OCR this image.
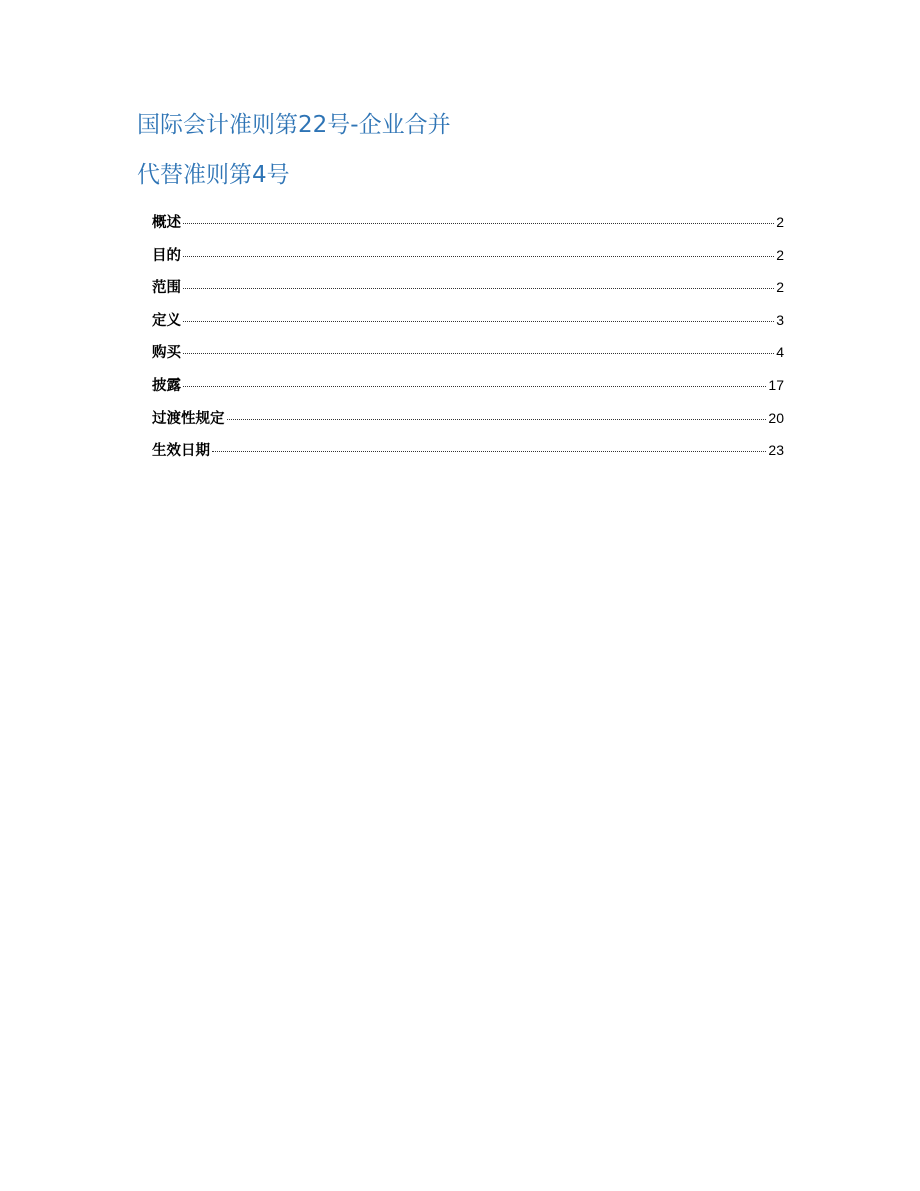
国际会计准则第22号-企业合并
代替准则第4号
概述	2
目的	2
范围	2
定义	3
购买	4
披露	17
过渡性规定	20
生效日期	23
